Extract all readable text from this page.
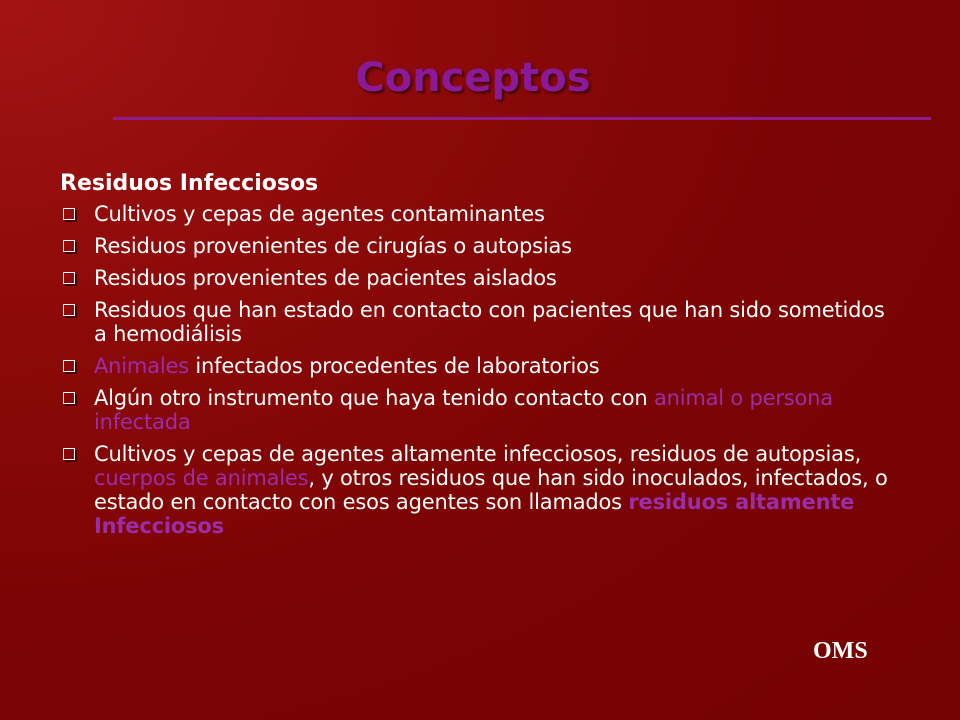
Conceptos
Residuos Infecciosos
Cultivos y cepas de agentes contaminantes
Residuos provenientes de cirugías o autopsias
Residuos provenientes de pacientes aislados
Residuos que han estado en contacto con pacientes que han sido sometidos a hemodiálisis
Animales infectados procedentes de laboratorios
Algún otro instrumento que haya tenido contacto con animal o persona infectada
Cultivos y cepas de agentes altamente infecciosos, residuos de autopsias, cuerpos de animales, y otros residuos que han sido inoculados, infectados, o estado en contacto con esos agentes son llamados residuos altamente Infecciosos
OMS
